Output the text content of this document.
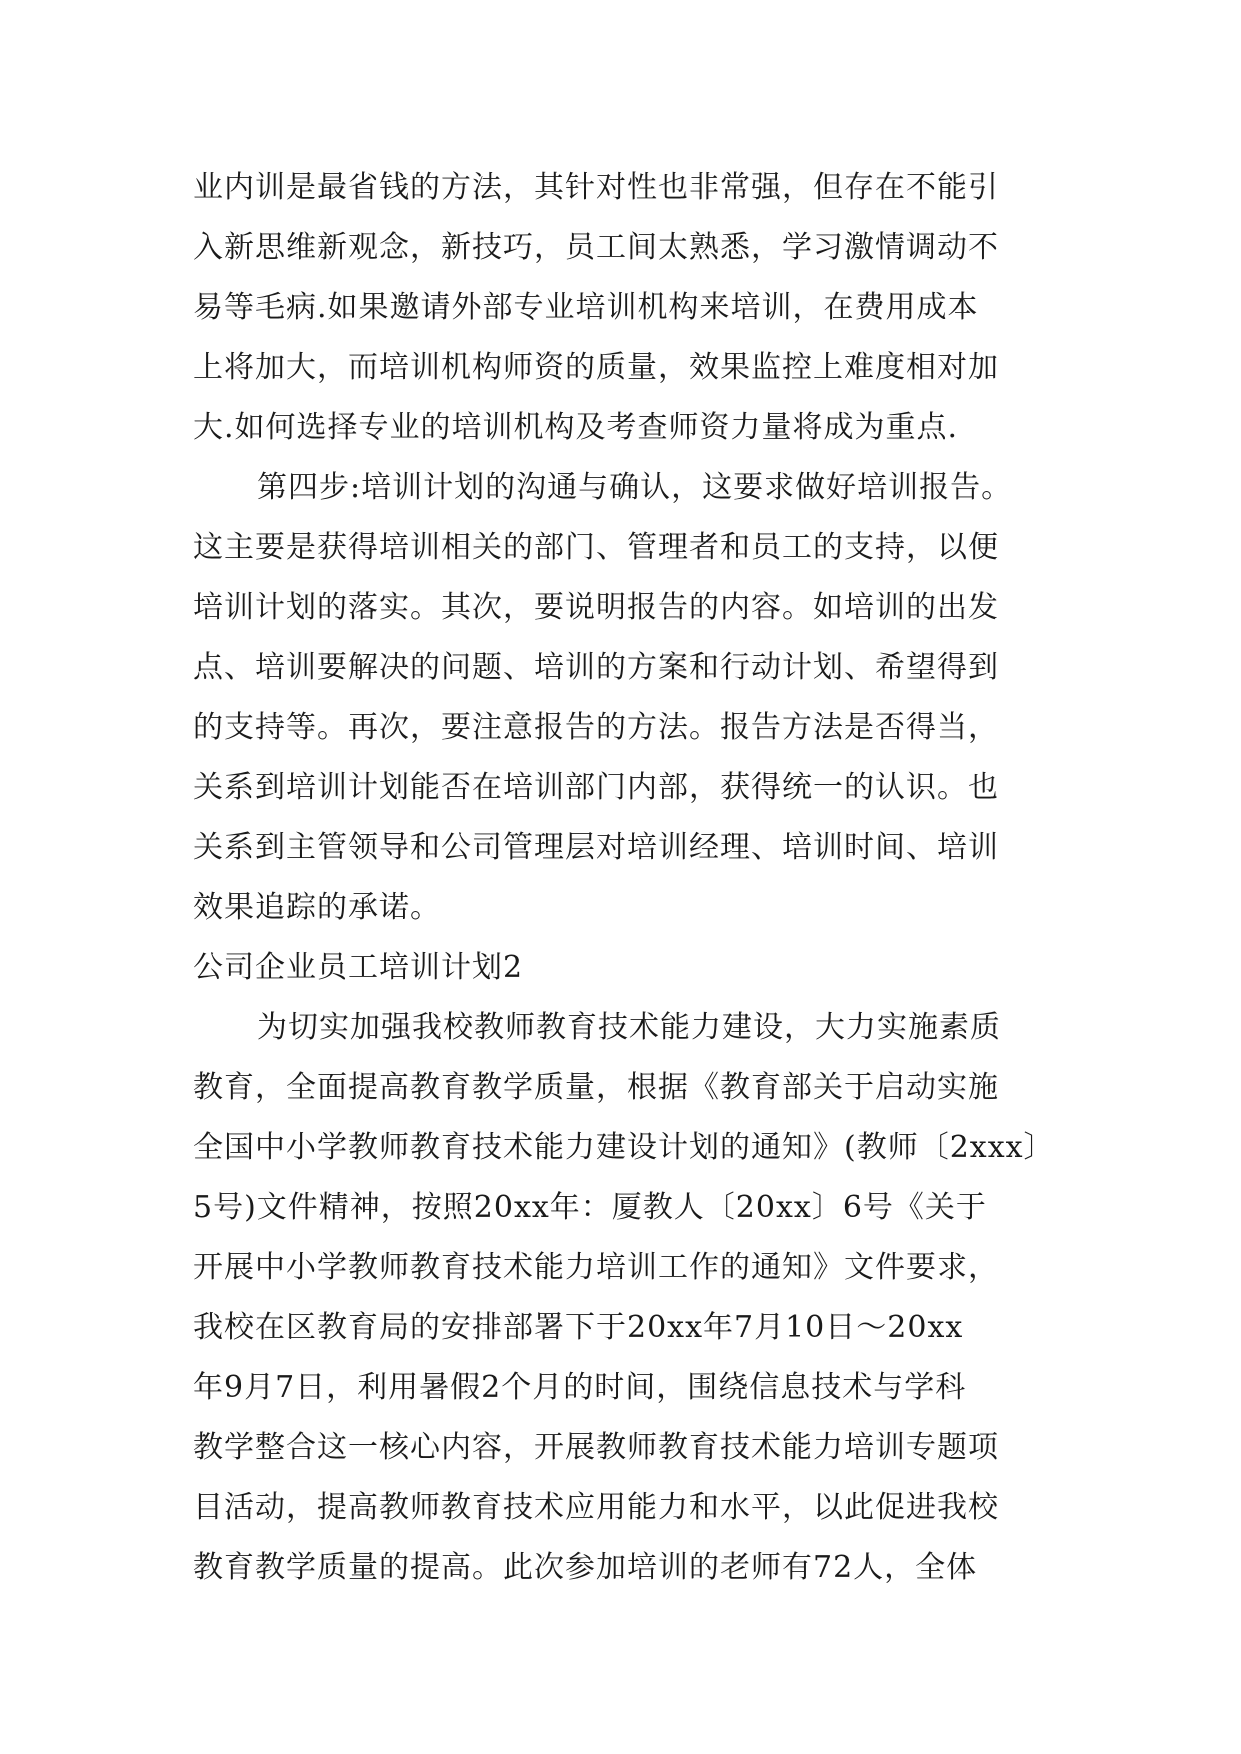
业内训是最省钱的方法，其针对性也非常强，但存在不能引
入新思维新观念，新技巧，员工间太熟悉，学习激情调动不
易等毛病.如果邀请外部专业培训机构来培训，在费用成本
上将加大，而培训机构师资的质量，效果监控上难度相对加
大.如何选择专业的培训机构及考查师资力量将成为重点.
第四步:培训计划的沟通与确认，这要求做好培训报告。
这主要是获得培训相关的部门、管理者和员工的支持，以便
培训计划的落实。其次，要说明报告的内容。如培训的出发
点、培训要解决的问题、培训的方案和行动计划、希望得到
的支持等。再次，要注意报告的方法。报告方法是否得当，
关系到培训计划能否在培训部门内部，获得统一的认识。也
关系到主管领导和公司管理层对培训经理、培训时间、培训
效果追踪的承诺。
公司企业员工培训计划2
为切实加强我校教师教育技术能力建设，大力实施素质
教育，全面提高教育教学质量，根据《教育部关于启动实施
全国中小学教师教育技术能力建设计划的通知》(教师〔2xxx〕
5号)文件精神，按照20xx年：厦教人〔20xx〕6号《关于
开展中小学教师教育技术能力培训工作的通知》文件要求，
我校在区教育局的安排部署下于20xx年7月10日～20xx
年9月7日，利用暑假2个月的时间，围绕信息技术与学科
教学整合这一核心内容，开展教师教育技术能力培训专题项
目活动，提高教师教育技术应用能力和水平，以此促进我校
教育教学质量的提高。此次参加培训的老师有72人，全体
